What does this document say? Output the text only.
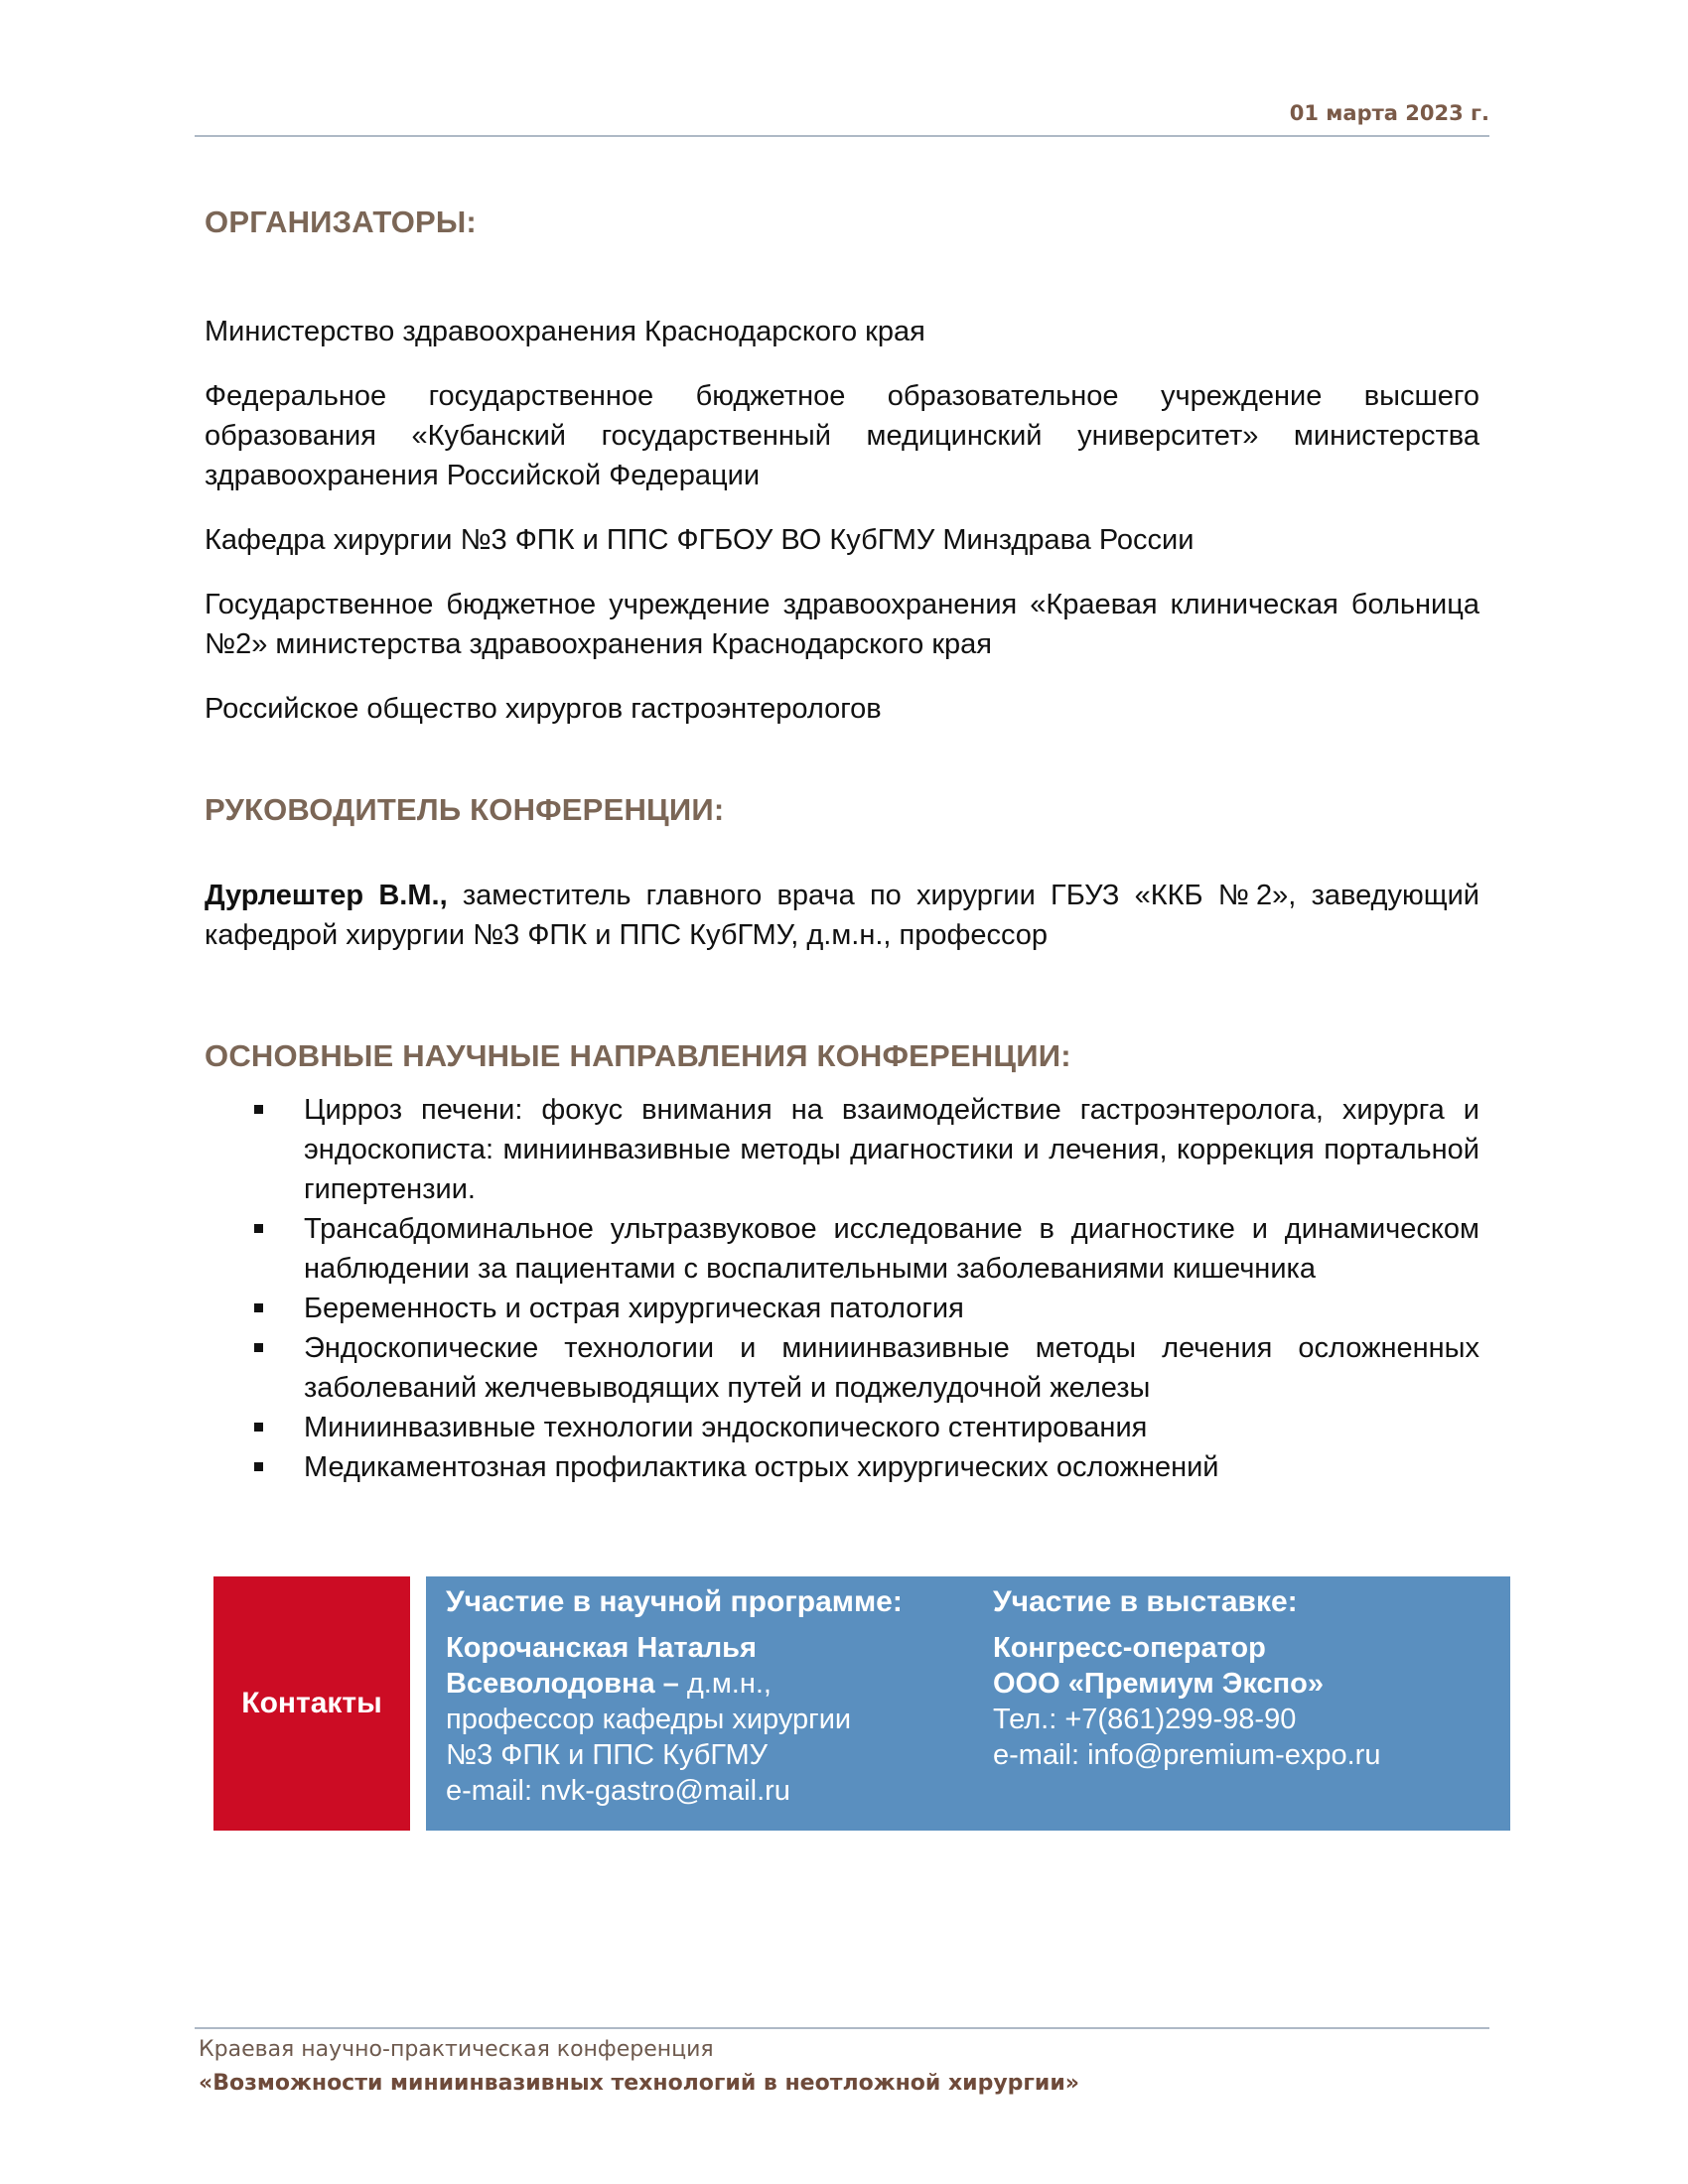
01 марта 2023 г.
ОРГАНИЗАТОРЫ:

Министерство здравоохранения Краснодарского края

Федеральное государственное бюджетное образовательное учреждение высшего образования «Кубанский государственный медицинский университет» министерства здравоохранения Российской Федерации

Кафедра хирургии №3 ФПК и ППС ФГБОУ ВО КубГМУ Минздрава России

Государственное бюджетное учреждение здравоохранения «Краевая клиническая больница №2» министерства здравоохранения Краснодарского края

Российское общество хирургов гастроэнтерологов

РУКОВОДИТЕЛЬ КОНФЕРЕНЦИИ:

Дурлештер В.М., заместитель главного врача по хирургии ГБУЗ «ККБ №2», заведующий кафедрой хирургии №3 ФПК и ППС КубГМУ, д.м.н., профессор

ОСНОВНЫЕ НАУЧНЫЕ НАПРАВЛЕНИЯ КОНФЕРЕНЦИИ:
Цирроз печени: фокус внимания на взаимодействие гастроэнтеролога, хирурга и эндоскописта: миниинвазивные методы диагностики и лечения, коррекция портальной гипертензии.
Трансабдоминальное ультразвуковое исследование в диагностике и динамическом наблюдении за пациентами с воспалительными заболеваниями кишечника
Беременность и острая хирургическая патология
Эндоскопические технологии и миниинвазивные методы лечения осложненных заболеваний желчевыводящих путей и поджелудочной железы
Миниинвазивные технологии эндоскопического стентирования
Медикаментозная профилактика острых хирургических осложнений
Контакты
Участие в научной программе:
Корочанская Наталья
Всеволодовна – д.м.н.,
профессор кафедры хирургии
№3 ФПК и ППС КубГМУ
e-mail: nvk-gastro@mail.ru
Участие в выставке:
Конгресс-оператор
ООО «Премиум Экспо»
Тел.: +7(861)299-98-90
e-mail: info@premium-expo.ru
Краевая научно-практическая конференция
«Возможности миниинвазивных технологий в неотложной хирургии»
